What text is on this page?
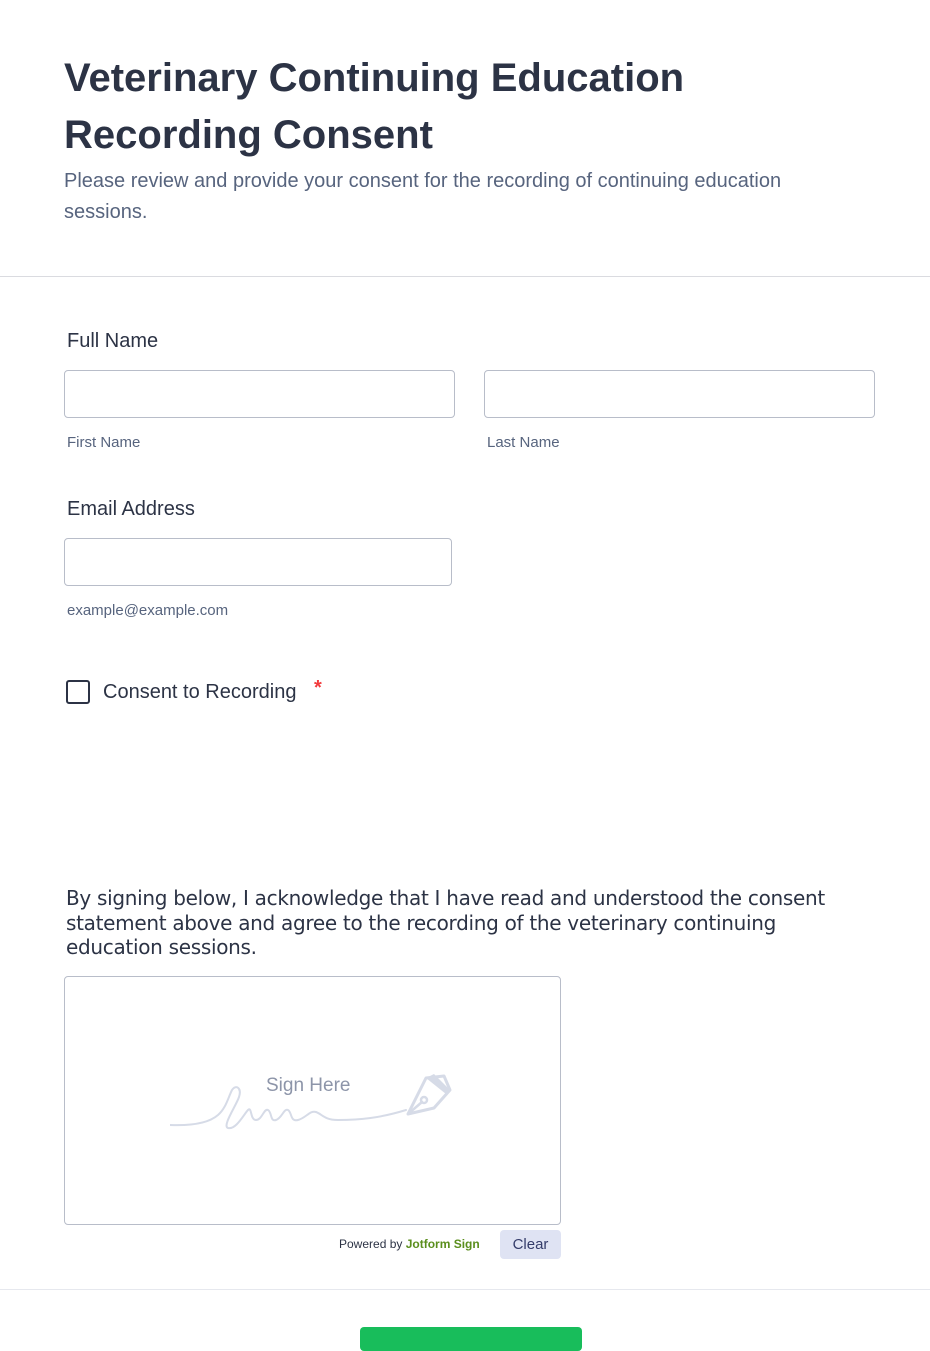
Veterinary Continuing Education Recording Consent

Please review and provide your consent for the recording of continuing education sessions.

Full Name
First Name	Last Name
Email Address
example@example.com
Consent to Recording *

By signing below, I acknowledge that I have read and understood the consent statement above and agree to the recording of the veterinary continuing education sessions.

Sign Here
Powered by Jotform Sign	Clear
